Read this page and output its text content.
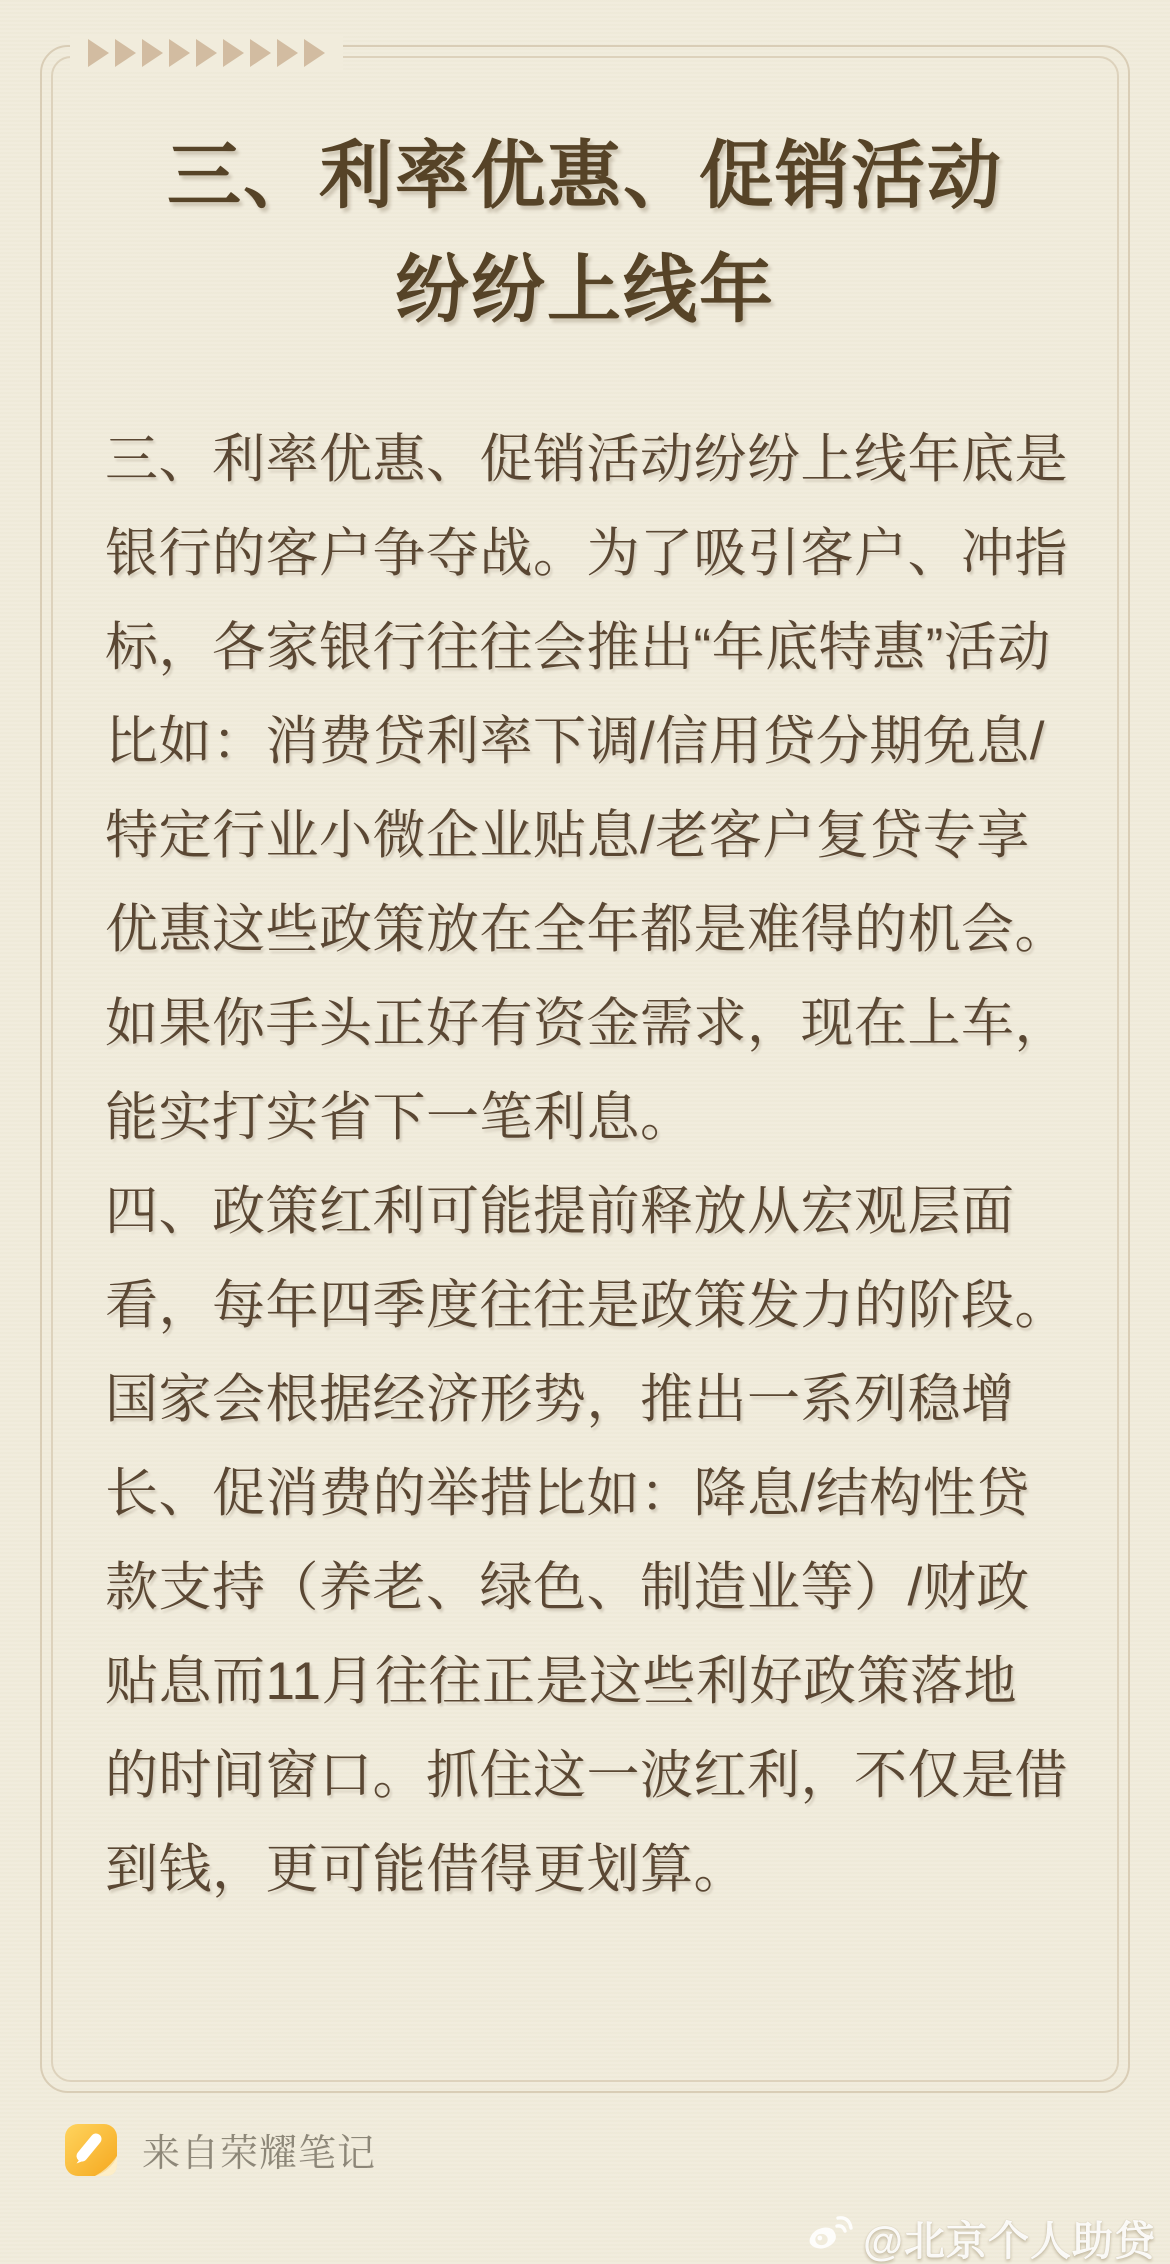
三、利率优惠、促销活动
纷纷上线年
三、利率优惠、促销活动纷纷上线年底是
银行的客户争夺战。为了吸引客户、冲指
标，各家银行往往会推出“年底特惠”活动
比如：消费贷利率下调/信用贷分期免息/
特定行业小微企业贴息/老客户复贷专享
优惠这些政策放在全年都是难得的机会。
如果你手头正好有资金需求，现在上车，
能实打实省下一笔利息。
四、政策红利可能提前释放从宏观层面
看，每年四季度往往是政策发力的阶段。
国家会根据经济形势，推出一系列稳增
长、促消费的举措比如：降息/结构性贷
款支持（养老、绿色、制造业等）/财政
贴息而11月往往正是这些利好政策落地
的时间窗口。抓住这一波红利，不仅是借
到钱，更可能借得更划算。
来自荣耀笔记
@北京个人助贷
